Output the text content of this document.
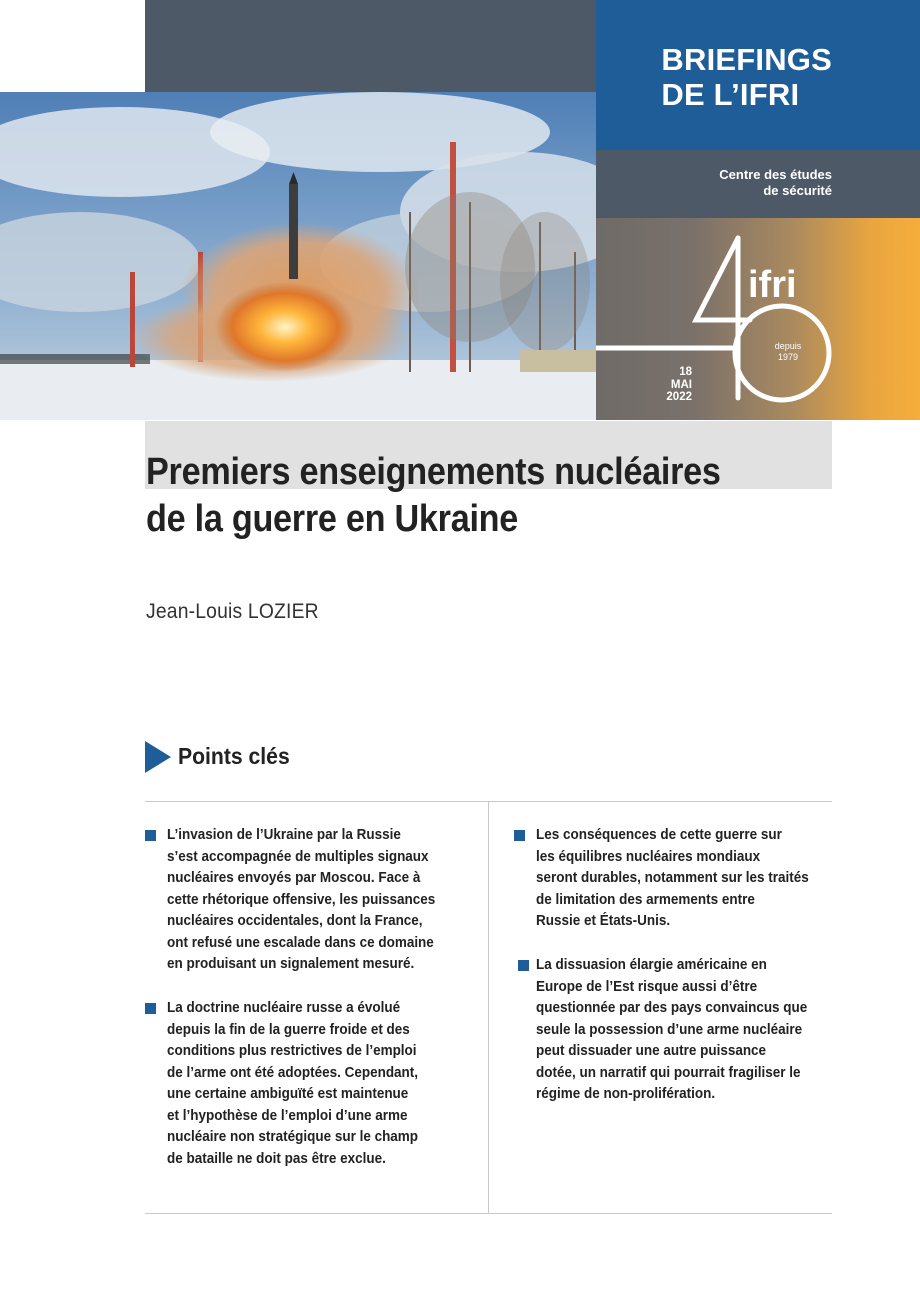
BRIEFINGS
DE L’IFRI
Centre des études
de sécurité
ifri
depuis
1979
18
MAI
2022
Premiers enseignements nucléaires
de la guerre en Ukraine
Jean-Louis LOZIER
Points clés

L’invasion de l’Ukraine par la Russie

s’est accompagnée de multiples signaux

nucléaires envoyés par Moscou. Face à

cette rhétorique offensive, les puissances

nucléaires occidentales, dont la France,

ont refusé une escalade dans ce domaine

en produisant un signalement mesuré.

La doctrine nucléaire russe a évolué

depuis la fin de la guerre froide et des

conditions plus restrictives de l’emploi

de l’arme ont été adoptées. Cependant,

une certaine ambiguïté est maintenue

et l’hypothèse de l’emploi d’une arme

nucléaire non stratégique sur le champ

de bataille ne doit pas être exclue.

Les conséquences de cette guerre sur

les équilibres nucléaires mondiaux

seront durables, notamment sur les traités

de limitation des armements entre

Russie et États-Unis.

La dissuasion élargie américaine en

Europe de l’Est risque aussi d’être

questionnée par des pays convaincus que

seule la possession d’une arme nucléaire

peut dissuader une autre puissance

dotée, un narratif qui pourrait fragiliser le

régime de non-prolifération.
